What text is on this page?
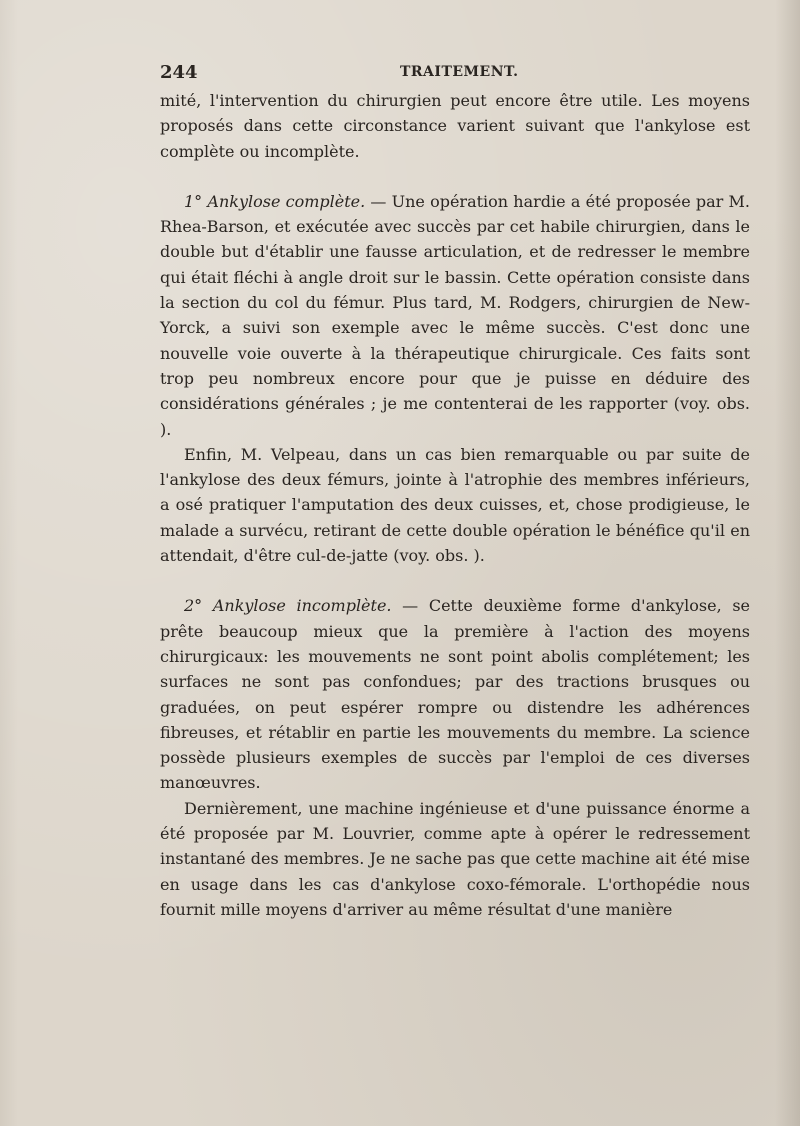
244	TRAITEMENT.

mité, l'intervention du chirurgien peut encore être utile. Les moyens proposés dans cette circonstance varient suivant que l'ankylose est complète ou incomplète.

1° Ankylose complète. — Une opération hardie a été proposée par M. Rhea-Barson, et exécutée avec succès par cet habile chirurgien, dans le double but d'établir une fausse articulation, et de redresser le membre qui était fléchi à angle droit sur le bassin. Cette opération consiste dans la section du col du fémur. Plus tard, M. Rodgers, chirurgien de New-Yorck, a suivi son exemple avec le même succès. C'est donc une nouvelle voie ouverte à la thérapeutique chirurgicale. Ces faits sont trop peu nombreux encore pour que je puisse en déduire des considérations générales ; je me contenterai de les rapporter (voy. obs. ).

Enfin, M. Velpeau, dans un cas bien remarquable ou par suite de l'ankylose des deux fémurs, jointe à l'atrophie des membres inférieurs, a osé pratiquer l'amputation des deux cuisses, et, chose prodigieuse, le malade a survécu, retirant de cette double opération le bénéfice qu'il en attendait, d'être cul-de-jatte (voy. obs. ).

2° Ankylose incomplète. — Cette deuxième forme d'ankylose, se prête beaucoup mieux que la première à l'action des moyens chirurgicaux: les mouvements ne sont point abolis complétement; les surfaces ne sont pas confondues; par des tractions brusques ou graduées, on peut espérer rompre ou distendre les adhérences fibreuses, et rétablir en partie les mouvements du membre. La science possède plusieurs exemples de succès par l'emploi de ces diverses manœuvres.

Dernièrement, une machine ingénieuse et d'une puissance énorme a été proposée par M. Louvrier, comme apte à opérer le redressement instantané des membres. Je ne sache pas que cette machine ait été mise en usage dans les cas d'ankylose coxo-fémorale. L'orthopédie nous fournit mille moyens d'arriver au même résultat d'une manière
